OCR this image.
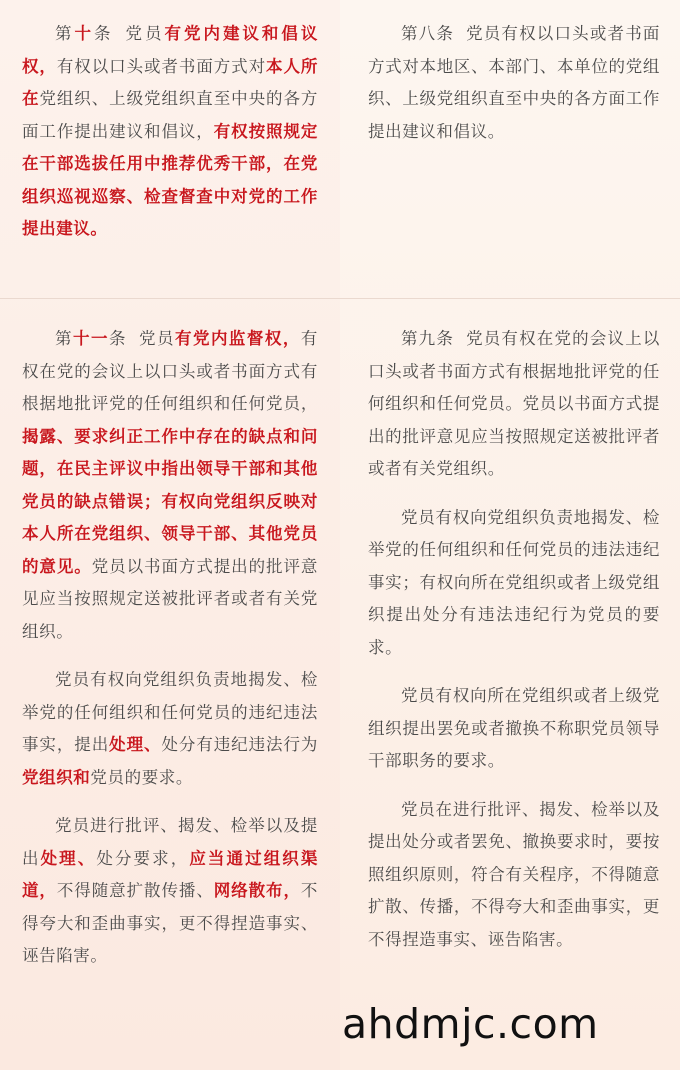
第十条 党员有党内建议和倡议权，有权以口头或者书面方式对本人所在党组织、上级党组织直至中央的各方面工作提出建议和倡议，有权按照规定在干部选拔任用中推荐优秀干部，在党组织巡视巡察、检查督查中对党的工作提出建议。

第八条 党员有权以口头或者书面方式对本地区、本部门、本单位的党组织、上级党组织直至中央的各方面工作提出建议和倡议。

第十一条 党员有党内监督权，有权在党的会议上以口头或者书面方式有根据地批评党的任何组织和任何党员，揭露、要求纠正工作中存在的缺点和问题，在民主评议中指出领导干部和其他党员的缺点错误；有权向党组织反映对本人所在党组织、领导干部、其他党员的意见。党员以书面方式提出的批评意见应当按照规定送被批评者或者有关党组织。

党员有权向党组织负责地揭发、检举党的任何组织和任何党员的违纪违法事实，提出处理、处分有违纪违法行为党组织和党员的要求。

党员进行批评、揭发、检举以及提出处理、处分要求，应当通过组织渠道，不得随意扩散传播、网络散布，不得夸大和歪曲事实，更不得捏造事实、诬告陷害。

第九条 党员有权在党的会议上以口头或者书面方式有根据地批评党的任何组织和任何党员。党员以书面方式提出的批评意见应当按照规定送被批评者或者有关党组织。

党员有权向党组织负责地揭发、检举党的任何组织和任何党员的违法违纪事实；有权向所在党组织或者上级党组织提出处分有违法违纪行为党员的要求。

党员有权向所在党组织或者上级党组织提出罢免或者撤换不称职党员领导干部职务的要求。

党员在进行批评、揭发、检举以及提出处分或者罢免、撤换要求时，要按照组织原则，符合有关程序，不得随意扩散、传播，不得夸大和歪曲事实，更不得捏造事实、诬告陷害。

ahdmjc.com
